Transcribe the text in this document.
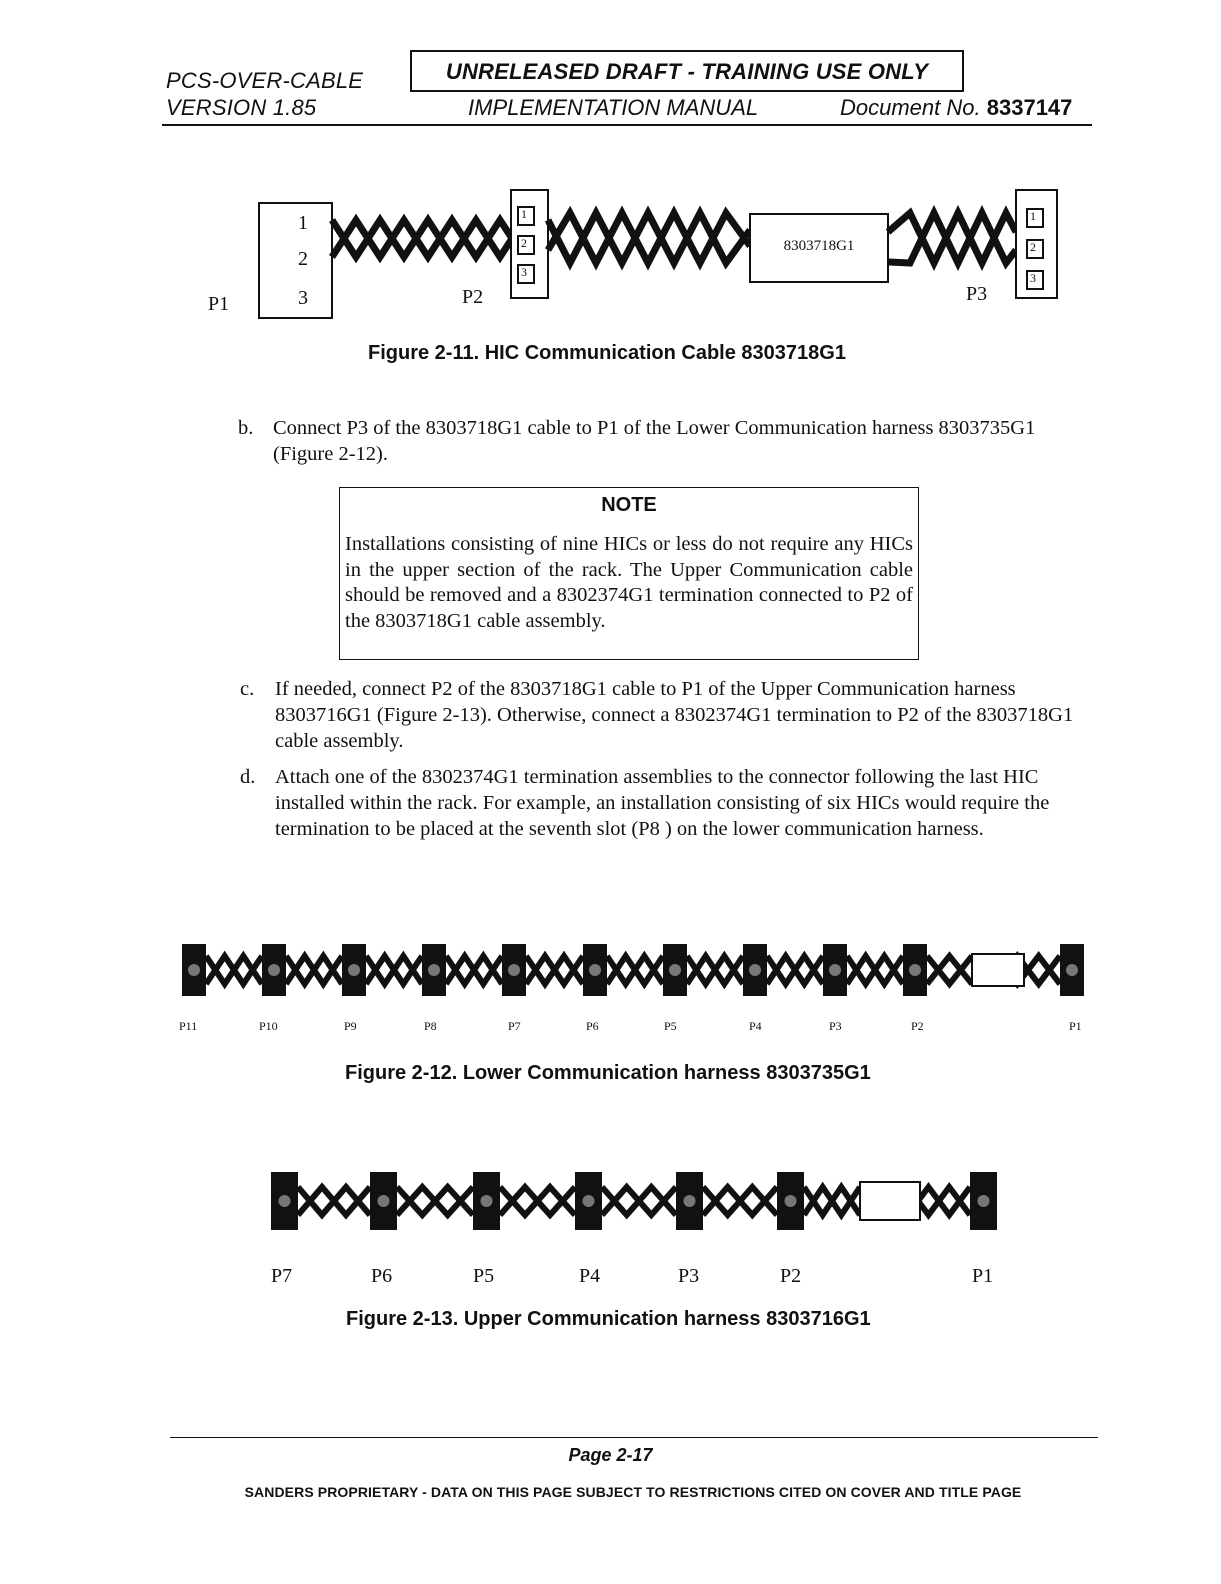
PCS-OVER-CABLE
VERSION 1.85
UNRELEASED DRAFT - TRAINING USE ONLY
IMPLEMENTATION MANUAL	Document No. 8337147
1
2
3
P1	P2	P3
1
2
3
1
2
3
8303718G1
Figure 2-11. HIC Communication Cable 8303718G1
b. Connect P3 of the 8303718G1 cable to P1 of the Lower Communication harness 8303735G1 (Figure 2-12).
NOTE
Installations consisting of nine HICs or less do not require any HICs in the upper section of the rack. The Upper Communication cable should be removed and a 8302374G1 termination connected to P2 of the 8303718G1 cable assembly.
c.	If needed, connect P2 of the 8303718G1 cable to P1 of the Upper Communication harness 8303716G1 (Figure 2-13). Otherwise, connect a 8302374G1 termination to P2 of the 8303718G1 cable assembly.
d. Attach one of the 8302374G1 termination assemblies to the connector following the last HIC installed within the rack. For example, an installation consisting of six HICs would require the termination to be placed at the seventh slot (P8 ) on the lower communication harness.
P11	P10	P9	P8	P7	P6	P5	P4	P3	P2	P1
Figure 2-12. Lower Communication harness 8303735G1
P7	P6	P5	P4	P3	P2	P1
Figure 2-13. Upper Communication harness 8303716G1
Page 2-17
SANDERS PROPRIETARY - DATA ON THIS PAGE SUBJECT TO RESTRICTIONS CITED ON COVER AND TITLE PAGE
